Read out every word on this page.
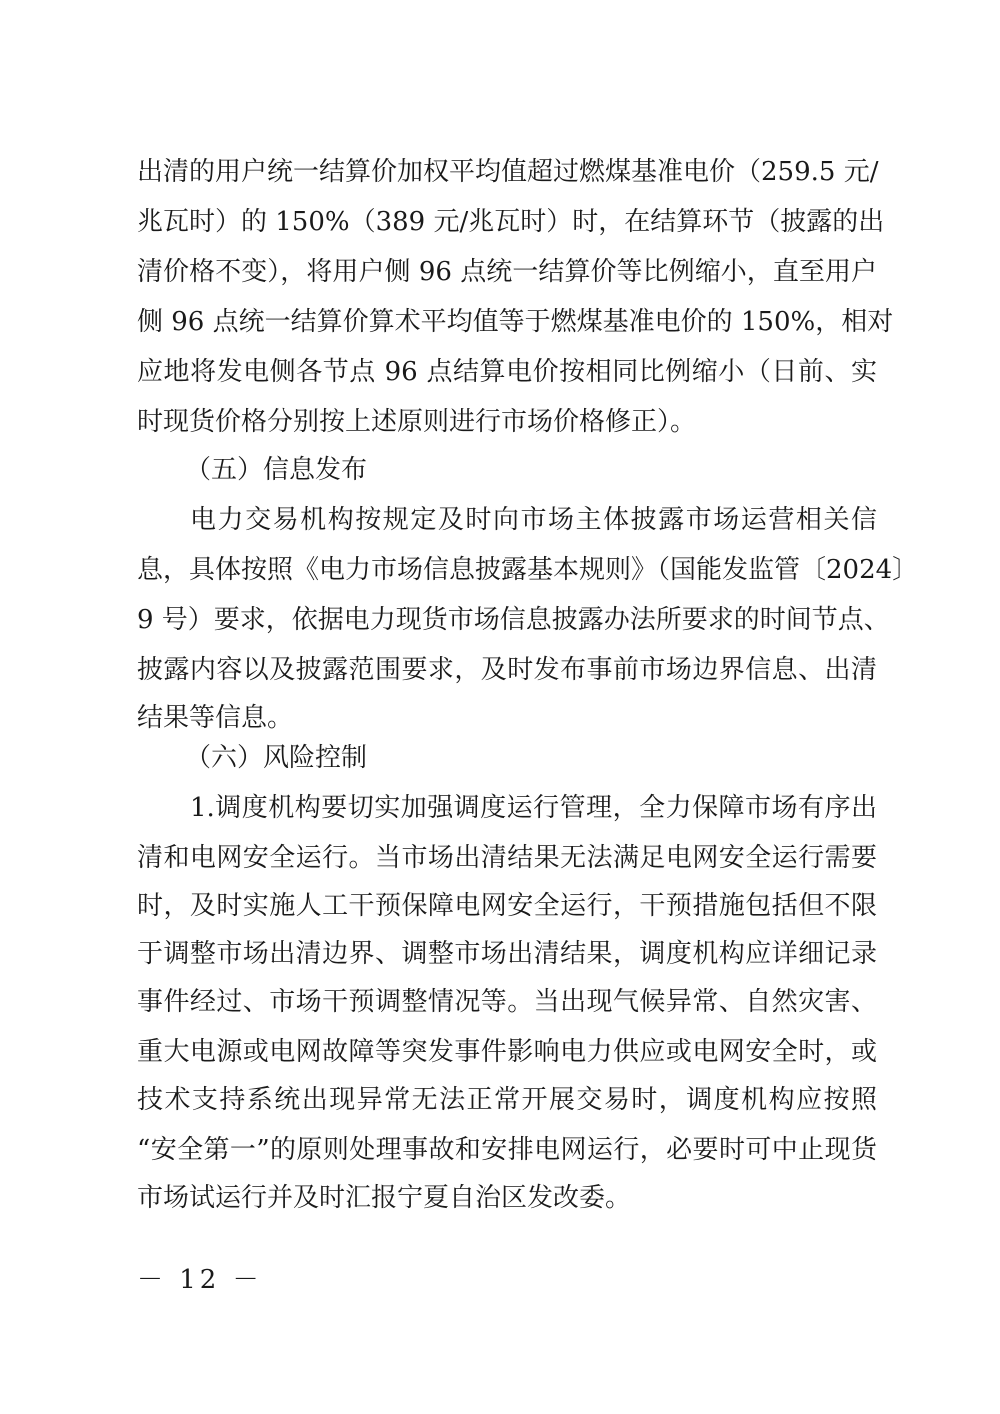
出清的用户统一结算价加权平均值超过燃煤基准电价（259.5 元/
兆瓦时）的 150%（389 元/兆瓦时）时，在结算环节（披露的出
清价格不变），将用户侧 96 点统一结算价等比例缩小，直至用户
侧 96 点统一结算价算术平均值等于燃煤基准电价的 150%，相对
应地将发电侧各节点 96 点结算电价按相同比例缩小（日前、实
时现货价格分别按上述原则进行市场价格修正）。
（五）信息发布
电力交易机构按规定及时向市场主体披露市场运营相关信
息，具体按照《电力市场信息披露基本规则》（国能发监管〔2024〕
9 号）要求，依据电力现货市场信息披露办法所要求的时间节点、
披露内容以及披露范围要求，及时发布事前市场边界信息、出清
结果等信息。
（六）风险控制
1.调度机构要切实加强调度运行管理，全力保障市场有序出
清和电网安全运行。当市场出清结果无法满足电网安全运行需要
时，及时实施人工干预保障电网安全运行，干预措施包括但不限
于调整市场出清边界、调整市场出清结果，调度机构应详细记录
事件经过、市场干预调整情况等。当出现气候异常、自然灾害、
重大电源或电网故障等突发事件影响电力供应或电网安全时，或
技术支持系统出现异常无法正常开展交易时，调度机构应按照
“安全第一”的原则处理事故和安排电网运行，必要时可中止现货
市场试运行并及时汇报宁夏自治区发改委。
－ 12 －
